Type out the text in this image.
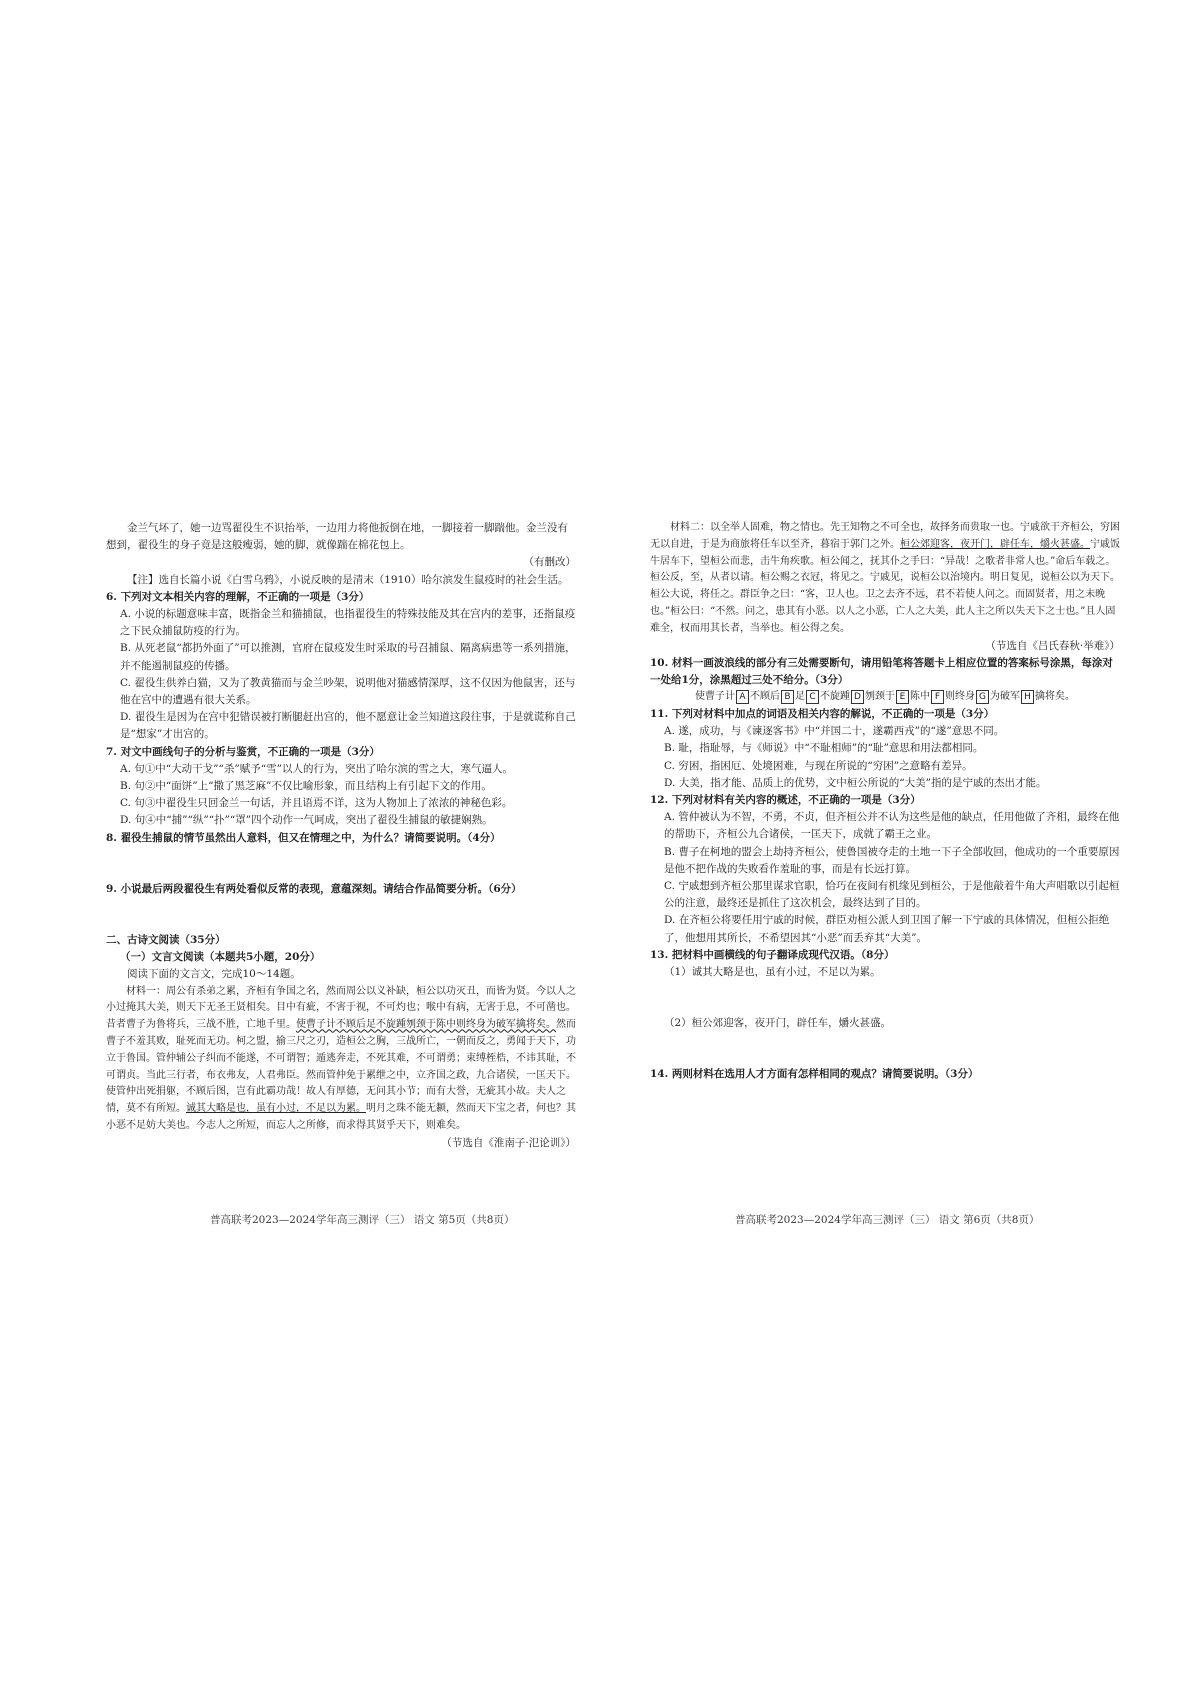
金兰气坏了，她一边骂翟役生不识抬举，一边用力将他扳倒在地，一脚接着一脚踹他。金兰没有想到，翟役生的身子竟是这般瘦弱，她的脚，就像踹在棉花包上。

（有删改）

【注】选自长篇小说《白雪乌鸦》，小说反映的是清末（1910）哈尔滨发生鼠疫时的社会生活。

6. 下列对文本相关内容的理解，不正确的一项是（3分）

A. 小说的标题意味丰富，既指金兰和猫捕鼠，也指翟役生的特殊技能及其在宫内的差事，还指鼠疫之下民众捕鼠防疫的行为。

B. 从死老鼠“都扔外面了”可以推测，官府在鼠疫发生时采取的号召捕鼠、隔离病患等一系列措施，并不能遏制鼠疫的传播。

C. 翟役生供养白猫，又为了教黄猫而与金兰吵架，说明他对猫感情深厚，这不仅因为他鼠害，还与他在宫中的遭遇有很大关系。

D. 翟役生是因为在宫中犯错误被打断腿赶出宫的，他不愿意让金兰知道这段往事，于是就谎称自己是“想家”才出宫的。

7. 对文中画线句子的分析与鉴赏，不正确的一项是（3分）

A. 句①中“大动干戈”“杀”赋予“雪”以人的行为，突出了哈尔滨的雪之大，寒气逼人。

B. 句②中“面饼”上“撒了黑芝麻”不仅比喻形象，而且结构上有引起下文的作用。

C. 句③中翟役生只回金兰一句话，并且语焉不详，这为人物加上了浓浓的神秘色彩。

D. 句④中“捕”“纵”“扑”“罩”四个动作一气呵成，突出了翟役生捕鼠的敏捷娴熟。

8. 翟役生捕鼠的情节虽然出人意料，但又在情理之中，为什么？请简要说明。（4分）

9. 小说最后两段翟役生有两处看似反常的表现，意蕴深刻。请结合作品简要分析。（6分）

二、古诗文阅读（35分）

（一）文言文阅读（本题共5小题，20分）

阅读下面的文言文，完成10～14题。

材料一：周公有杀弟之累，齐桓有争国之名，然而周公以义补缺，桓公以功灭丑，而皆为贤。今以人之小过掩其大美，则天下无圣王贤相矣。目中有疵，不害于视，不可灼也；喉中有病，无害于息，不可凿也。昔者曹子为鲁将兵，三战不胜，亡地千里。使曹子计不顾后足不旋踵刎颈于陈中则终身为破军擒将矣。然而曹子不羞其败，耻死而无功。柯之盟，揄三尺之刃，造桓公之胸，三战所亡，一朝而反之，勇闻于天下，功立于鲁国。管仲辅公子纠而不能遂，不可谓智；遁逃奔走，不死其难，不可谓勇；束缚桎梏，不讳其耻，不可谓贞。当此三行者，布衣弗友，人君弗臣。然而管仲免于累绁之中，立齐国之政，九合诸侯，一匡天下。使管仲出死捐躯，不顾后图，岂有此霸功哉！故人有厚德，无问其小节；而有大誉，无疵其小故。夫人之情，莫不有所短。诚其大略是也，虽有小过，不足以为累。明月之珠不能无颣，然而天下宝之者，何也？其小恶不足妨大美也。今志人之所短，而忘人之所修，而求得其贤乎天下，则难矣。

（节选自《淮南子·氾论训》）

普高联考2023—2024学年高三测评（三） 语文 第5页（共8页）

材料二：以全举人固难，物之情也。先王知物之不可全也，故择务而贵取一也。宁戚欲干齐桓公，穷困无以自进，于是为商旅将任车以至齐，暮宿于郭门之外。桓公郊迎客，夜开门，辟任车，爝火甚盛。宁戚饭牛居车下，望桓公而悲，击牛角疾歌。桓公闻之，抚其仆之手曰：“异哉！之歌者非常人也。”命后车载之。桓公反，至，从者以请。桓公赐之衣冠，将见之。宁戚见，说桓公以治境内。明日复见，说桓公以为天下。桓公大说，将任之。群臣争之曰：“客，卫人也。卫之去齐不远，君不若使人问之。而固贤者，用之未晚也。”桓公曰：“不然。问之，患其有小恶。以人之小恶，亡人之大美，此人主之所以失天下之士也。”且人固难全，权而用其长者，当举也。桓公得之矣。

（节选自《吕氏春秋·举难》）

10. 材料一画波浪线的部分有三处需要断句，请用铅笔将答题卡上相应位置的答案标号涂黑，每涂对一处给1分，涂黑超过三处不给分。（3分）

使曹子计 A 不顾后 B 足 C 不旋踵 D 刎颈于 E 陈中 F 则终身 G 为破军 H 擒将矣。

11. 下列对材料中加点的词语及相关内容的解说，不正确的一项是（3分）

A. 遂，成功，与《谏逐客书》中“并国二十，遂霸西戎”的“遂”意思不同。

B. 耻，指耻辱，与《师说》中“不耻相师”的“耻”意思和用法都相同。

C. 穷困，指困厄、处境困难，与现在所说的“穷困”之意略有差异。

D. 大美，指才能、品质上的优势，文中桓公所说的“大美”指的是宁戚的杰出才能。

12. 下列对材料有关内容的概述，不正确的一项是（3分）

A. 管仲被认为不智，不勇，不贞，但齐桓公并不认为这些是他的缺点，任用他做了齐相，最终在他的帮助下，齐桓公九合诸侯，一匡天下，成就了霸王之业。

B. 曹子在柯地的盟会上劫持齐桓公，使鲁国被夺走的土地一下子全部收回，他成功的一个重要原因是他不把作战的失败看作羞耻的事，而是有长远打算。

C. 宁戚想到齐桓公那里谋求官职，恰巧在夜间有机缘见到桓公，于是他敲着牛角大声唱歌以引起桓公的注意，最终还是抓住了这次机会，最终达到了目的。

D. 在齐桓公将要任用宁戚的时候，群臣劝桓公派人到卫国了解一下宁戚的具体情况，但桓公拒绝了，他想用其所长，不希望因其“小恶”而丢弃其“大美”。

13. 把材料中画横线的句子翻译成现代汉语。（8分）

（1）诚其大略是也，虽有小过，不足以为累。

（2）桓公郊迎客，夜开门，辟任车，爝火甚盛。

14. 两则材料在选用人才方面有怎样相同的观点？请简要说明。（3分）

普高联考2023—2024学年高三测评（三） 语文 第6页（共8页）
